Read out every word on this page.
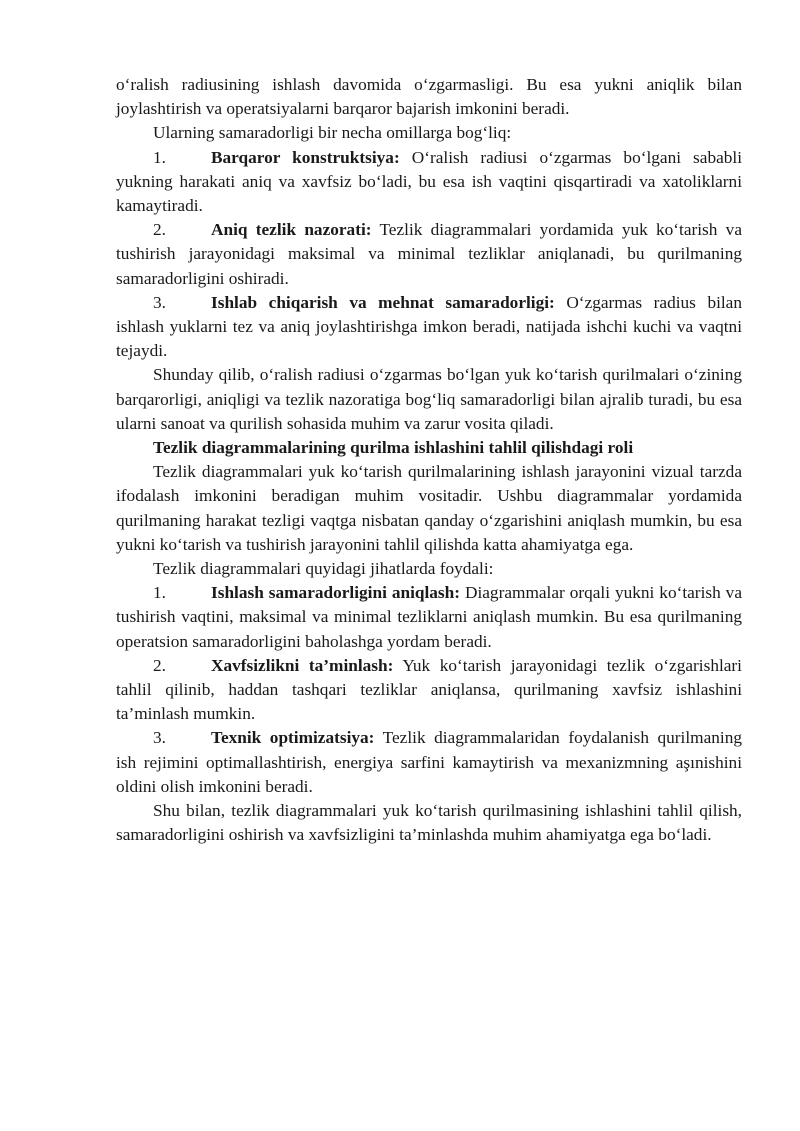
o‘ralish radiusining ishlash davomida o‘zgarmasligi. Bu esa yukni aniqlik bilan joylashtirish va operatsiyalarni barqaror bajarish imkonini beradi.

Ularning samaradorligi bir necha omillarga bog‘liq:

1.	Barqaror konstruktsiya: O‘ralish radiusi o‘zgarmas bo‘lgani sababli yukning harakati aniq va xavfsiz bo‘ladi, bu esa ish vaqtini qisqartiradi va xatoliklarni kamaytiradi.

2.	Aniq tezlik nazorati: Tezlik diagrammalari yordamida yuk ko‘tarish va tushirish jarayonidagi maksimal va minimal tezliklar aniqlanadi, bu qurilmaning samaradorligini oshiradi.

3.	Ishlab chiqarish va mehnat samaradorligi: O‘zgarmas radius bilan ishlash yuklarni tez va aniq joylashtirishga imkon beradi, natijada ishchi kuchi va vaqtni tejaydi.

Shunday qilib, o‘ralish radiusi o‘zgarmas bo‘lgan yuk ko‘tarish qurilmalari o‘zining barqarorligi, aniqligi va tezlik nazoratiga bog‘liq samaradorligi bilan ajralib turadi, bu esa ularni sanoat va qurilish sohasida muhim va zarur vosita qiladi.

Tezlik diagrammalarining qurilma ishlashini tahlil qilishdagi roli

Tezlik diagrammalari yuk ko‘tarish qurilmalarining ishlash jarayonini vizual tarzda ifodalash imkonini beradigan muhim vositadir. Ushbu diagrammalar yordamida qurilmaning harakat tezligi vaqtga nisbatan qanday o‘zgarishini aniqlash mumkin, bu esa yukni ko‘tarish va tushirish jarayonini tahlil qilishda katta ahamiyatga ega.

Tezlik diagrammalari quyidagi jihatlarda foydali:

1.	Ishlash samaradorligini aniqlash: Diagrammalar orqali yukni ko‘tarish va tushirish vaqtini, maksimal va minimal tezliklarni aniqlash mumkin. Bu esa qurilmaning operatsion samaradorligini baholashga yordam beradi.

2.	Xavfsizlikni ta’minlash: Yuk ko‘tarish jarayonidagi tezlik o‘zgarishlari tahlil qilinib, haddan tashqari tezliklar aniqlansa, qurilmaning xavfsiz ishlashini ta’minlash mumkin.

3.	Texnik optimizatsiya: Tezlik diagrammalaridan foydalanish qurilmaning ish rejimini optimallashtirish, energiya sarfini kamaytirish va mexanizmning aşınishini oldini olish imkonini beradi.

Shu bilan, tezlik diagrammalari yuk ko‘tarish qurilmasining ishlashini tahlil qilish, samaradorligini oshirish va xavfsizligini ta’minlashda muhim ahamiyatga ega bo‘ladi.
